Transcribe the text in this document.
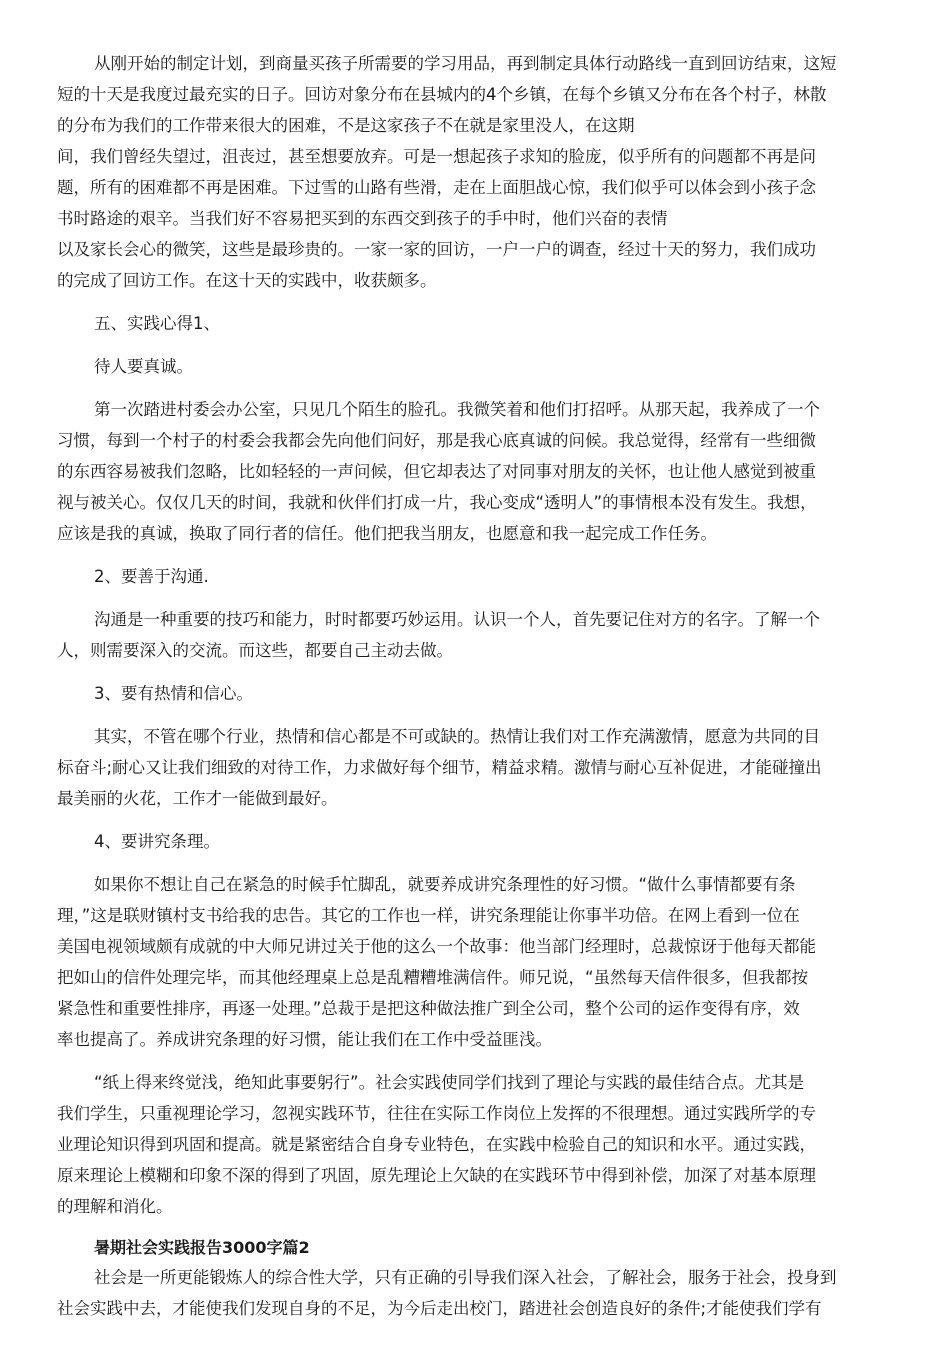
从刚开始的制定计划，到商量买孩子所需要的学习用品，再到制定具体行动路线一直到回访结束，这短
短的十天是我度过最充实的日子。回访对象分布在县城内的4个乡镇，在每个乡镇又分布在各个村子，林散
的分布为我们的工作带来很大的困难，不是这家孩子不在就是家里没人，在这期
间，我们曾经失望过，沮丧过，甚至想要放弃。可是一想起孩子求知的脸庞，似乎所有的问题都不再是问
题，所有的困难都不再是困难。下过雪的山路有些滑，走在上面胆战心惊，我们似乎可以体会到小孩子念
书时路途的艰辛。当我们好不容易把买到的东西交到孩子的手中时，他们兴奋的表情
以及家长会心的微笑，这些是最珍贵的。一家一家的回访，一户一户的调查，经过十天的努力，我们成功
的完成了回访工作。在这十天的实践中，收获颇多。
五、实践心得1、
待人要真诚。
第一次踏进村委会办公室，只见几个陌生的脸孔。我微笑着和他们打招呼。从那天起，我养成了一个
习惯，每到一个村子的村委会我都会先向他们问好，那是我心底真诚的问候。我总觉得，经常有一些细微
的东西容易被我们忽略，比如轻轻的一声问候，但它却表达了对同事对朋友的关怀，也让他人感觉到被重
视与被关心。仅仅几天的时间，我就和伙伴们打成一片，我心变成“透明人”的事情根本没有发生。我想，
应该是我的真诚，换取了同行者的信任。他们把我当朋友，也愿意和我一起完成工作任务。
2、要善于沟通.
沟通是一种重要的技巧和能力，时时都要巧妙运用。认识一个人，首先要记住对方的名字。了解一个
人，则需要深入的交流。而这些，都要自己主动去做。
3、要有热情和信心。
其实，不管在哪个行业，热情和信心都是不可或缺的。热情让我们对工作充满激情，愿意为共同的目
标奋斗;耐心又让我们细致的对待工作，力求做好每个细节，精益求精。激情与耐心互补促进，才能碰撞出
最美丽的火花，工作才一能做到最好。
4、要讲究条理。
如果你不想让自己在紧急的时候手忙脚乱，就要养成讲究条理性的好习惯。“做什么事情都要有条
理，”这是联财镇村支书给我的忠告。其它的工作也一样，讲究条理能让你事半功倍。在网上看到一位在
美国电视领域颇有成就的中大师兄讲过关于他的这么一个故事：他当部门经理时，总裁惊讶于他每天都能
把如山的信件处理完毕，而其他经理桌上总是乱糟糟堆满信件。师兄说，“虽然每天信件很多，但我都按
紧急性和重要性排序，再逐一处理。”总裁于是把这种做法推广到全公司，整个公司的运作变得有序，效
率也提高了。养成讲究条理的好习惯，能让我们在工作中受益匪浅。
“纸上得来终觉浅，绝知此事要躬行”。社会实践使同学们找到了理论与实践的最佳结合点。尤其是
我们学生，只重视理论学习，忽视实践环节，往往在实际工作岗位上发挥的不很理想。通过实践所学的专
业理论知识得到巩固和提高。就是紧密结合自身专业特色，在实践中检验自己的知识和水平。通过实践，
原来理论上模糊和印象不深的得到了巩固，原先理论上欠缺的在实践环节中得到补偿，加深了对基本原理
的理解和消化。
暑期社会实践报告3000字篇2
社会是一所更能锻炼人的综合性大学，只有正确的引导我们深入社会，了解社会，服务于社会，投身到
社会实践中去，才能使我们发现自身的不足，为今后走出校门，踏进社会创造良好的条件;才能使我们学有
